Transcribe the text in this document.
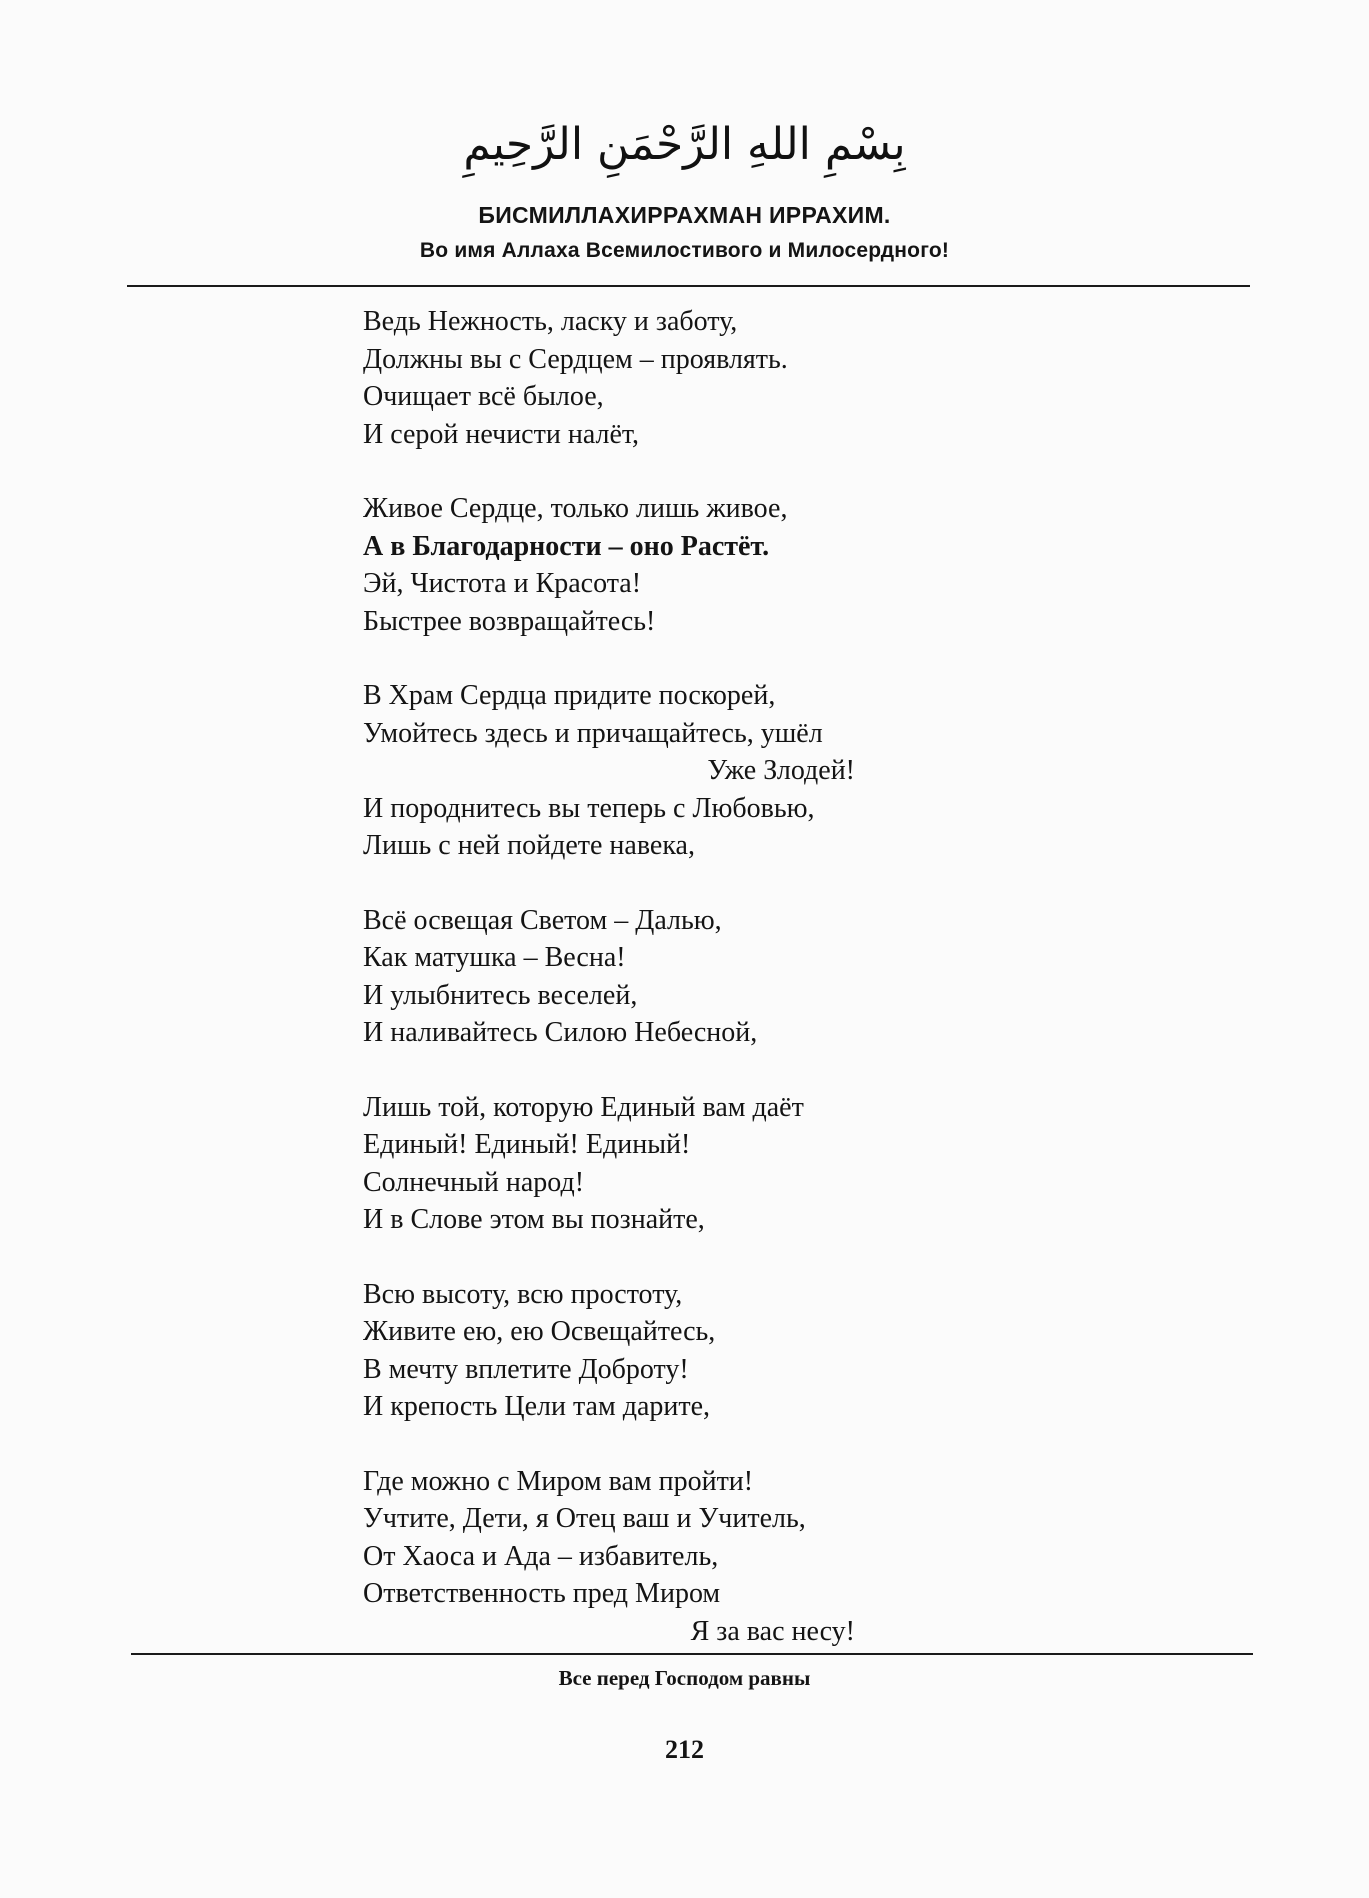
بِسْمِ اللهِ الرَّحْمَنِ الرَّحِيمِ
БИСМИЛЛАХИРРАХМАН ИРРАХИМ.
Во имя Аллаха Всемилостивого и Милосердного!
Ведь Нежность, ласку и заботу,
Должны вы с Сердцем – проявлять.
Очищает всё былое,
И серой нечисти налёт,
Живое Сердце, только лишь живое,
А в Благодарности – оно Растёт.
Эй, Чистота и Красота!
Быстрее возвращайтесь!
В Храм Сердца придите поскорей,
Умойтесь здесь и причащайтесь, ушёл
Уже Злодей!
И породнитесь вы теперь с Любовью,
Лишь с ней пойдете навека,
Всё освещая Светом – Далью,
Как матушка – Весна!
И улыбнитесь веселей,
И наливайтесь Силою Небесной,
Лишь той, которую Единый вам даёт
Единый! Единый! Единый!
Солнечный народ!
И в Слове этом вы познайте,
Всю высоту, всю простоту,
Живите ею, ею Освещайтесь,
В мечту вплетите Доброту!
И крепость Цели там дарите,
Где можно с Миром вам пройти!
Учтите, Дети, я Отец ваш и Учитель,
От Хаоса и Ада – избавитель,
Ответственность пред Миром
Я за вас несу!
Все перед Господом равны
212
